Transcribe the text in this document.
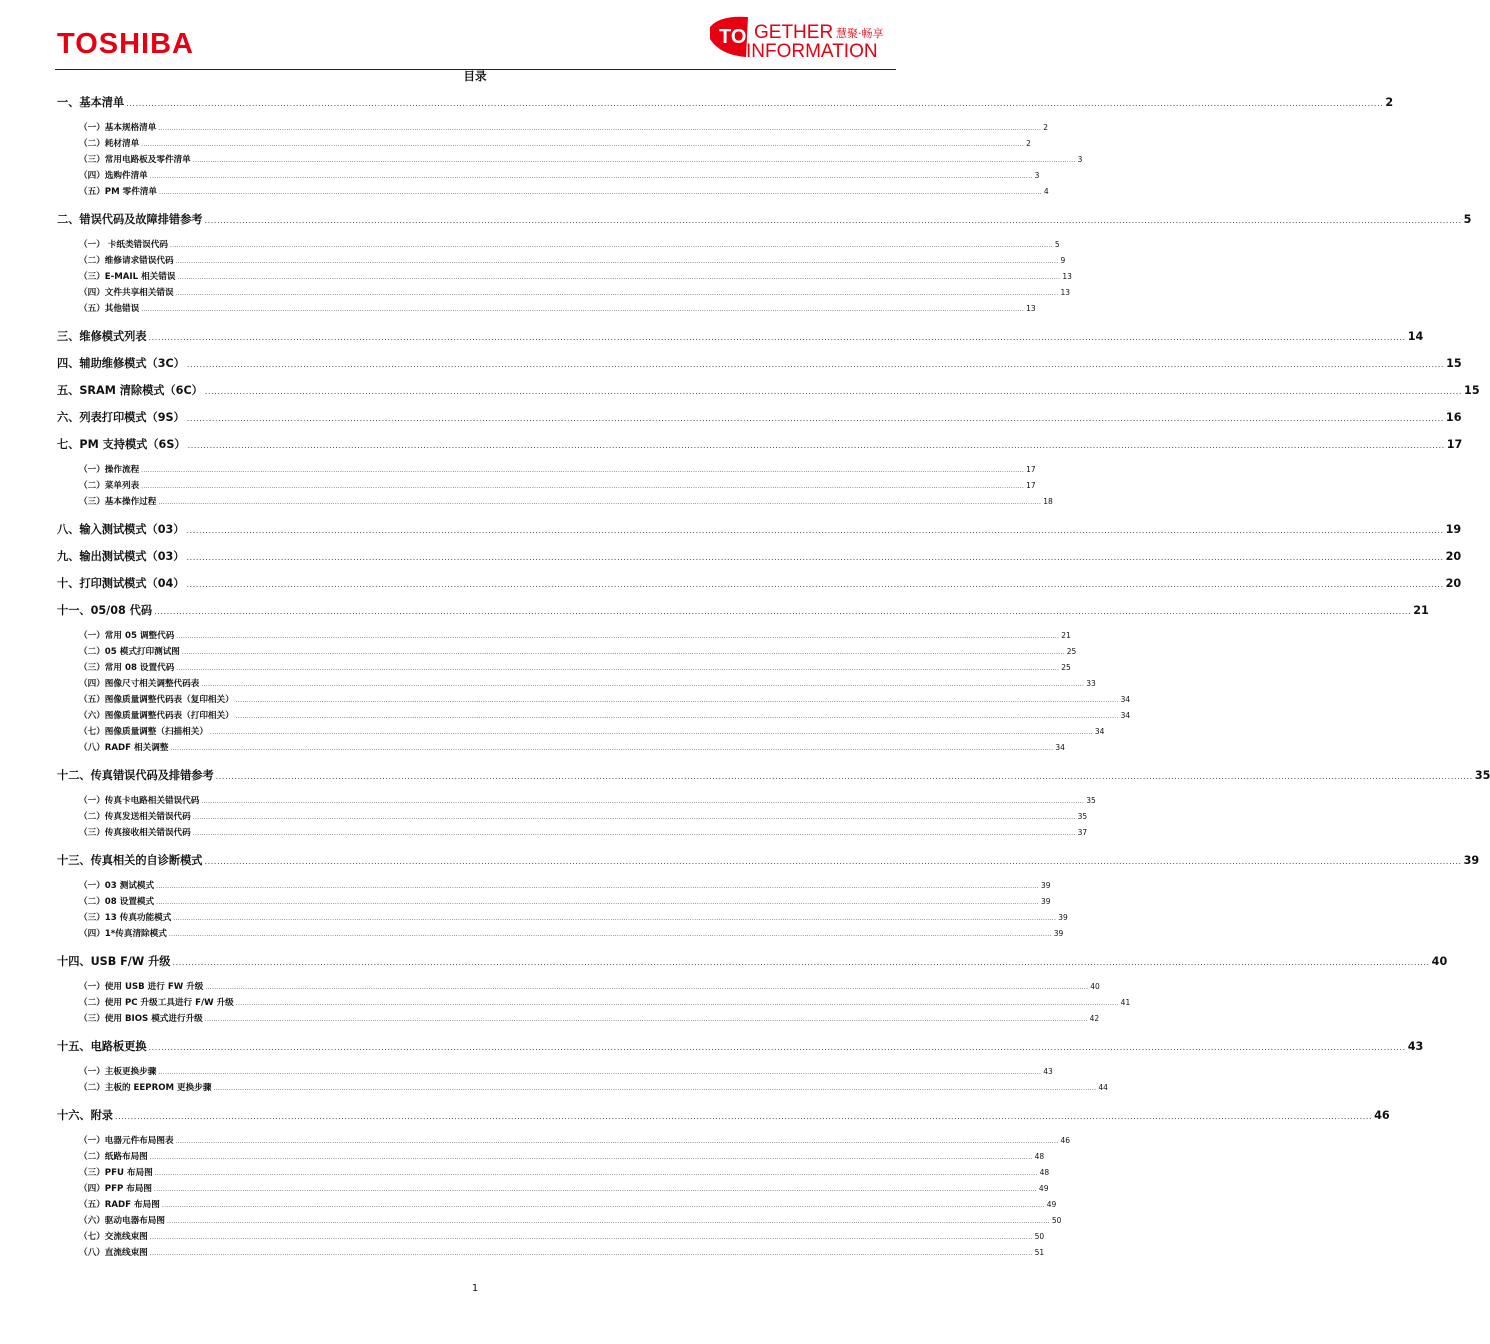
TOSHIBA	TO GETHER 慧聚·畅享
INFORMATION
目录
一、基本清单 ................................................................................................................................................................................................................................................................................................................................................................................................................ 2
（一）基本规格清单 ................................................................................................................................................................................................................................................................................................................................................................................................................ 2
（二）耗材清单 ................................................................................................................................................................................................................................................................................................................................................................................................................ 2
（三）常用电路板及零件清单 ................................................................................................................................................................................................................................................................................................................................................................................................................ 3
（四）选购件清单 ................................................................................................................................................................................................................................................................................................................................................................................................................ 3
（五）PM 零件清单 ................................................................................................................................................................................................................................................................................................................................................................................................................ 4
二、错误代码及故障排错参考 ................................................................................................................................................................................................................................................................................................................................................................................................................ 5
（一） 卡纸类错误代码 ................................................................................................................................................................................................................................................................................................................................................................................................................ 5
（二）维修请求错误代码 ................................................................................................................................................................................................................................................................................................................................................................................................................ 9
（三）E-MAIL 相关错误 ................................................................................................................................................................................................................................................................................................................................................................................................................ 13
（四）文件共享相关错误 ................................................................................................................................................................................................................................................................................................................................................................................................................ 13
（五）其他错误 ................................................................................................................................................................................................................................................................................................................................................................................................................ 13
三、维修模式列表 ................................................................................................................................................................................................................................................................................................................................................................................................................ 14
四、辅助维修模式（3C） ................................................................................................................................................................................................................................................................................................................................................................................................................ 15
五、SRAM 清除模式（6C） ................................................................................................................................................................................................................................................................................................................................................................................................................ 15
六、列表打印模式（9S） ................................................................................................................................................................................................................................................................................................................................................................................................................ 16
七、PM 支持模式（6S） ................................................................................................................................................................................................................................................................................................................................................................................................................ 17
（一）操作流程 ................................................................................................................................................................................................................................................................................................................................................................................................................ 17
（二）菜单列表 ................................................................................................................................................................................................................................................................................................................................................................................................................ 17
（三）基本操作过程 ................................................................................................................................................................................................................................................................................................................................................................................................................ 18
八、输入测试模式（03） ................................................................................................................................................................................................................................................................................................................................................................................................................ 19
九、输出测试模式（03） ................................................................................................................................................................................................................................................................................................................................................................................................................ 20
十、打印测试模式（04） ................................................................................................................................................................................................................................................................................................................................................................................................................ 20
十一、05/08 代码 ................................................................................................................................................................................................................................................................................................................................................................................................................ 21
（一）常用 05 调整代码 ................................................................................................................................................................................................................................................................................................................................................................................................................ 21
（二）05 模式打印测试图 ................................................................................................................................................................................................................................................................................................................................................................................................................ 25
（三）常用 08 设置代码 ................................................................................................................................................................................................................................................................................................................................................................................................................ 25
（四）图像尺寸相关调整代码表 ................................................................................................................................................................................................................................................................................................................................................................................................................ 33
（五）图像质量调整代码表（复印相关） ................................................................................................................................................................................................................................................................................................................................................................................................................ 34
（六）图像质量调整代码表（打印相关） ................................................................................................................................................................................................................................................................................................................................................................................................................ 34
（七）图像质量调整（扫描相关） ................................................................................................................................................................................................................................................................................................................................................................................................................ 34
（八）RADF 相关调整 ................................................................................................................................................................................................................................................................................................................................................................................................................ 34
十二、传真错误代码及排错参考 ................................................................................................................................................................................................................................................................................................................................................................................................................ 35
（一）传真卡电路相关错误代码 ................................................................................................................................................................................................................................................................................................................................................................................................................ 35
（二）传真发送相关错误代码 ................................................................................................................................................................................................................................................................................................................................................................................................................ 35
（三）传真接收相关错误代码 ................................................................................................................................................................................................................................................................................................................................................................................................................ 37
十三、传真相关的自诊断模式 ................................................................................................................................................................................................................................................................................................................................................................................................................ 39
（一）03 测试模式 ................................................................................................................................................................................................................................................................................................................................................................................................................ 39
（二）08 设置模式 ................................................................................................................................................................................................................................................................................................................................................................................................................ 39
（三）13 传真功能模式 ................................................................................................................................................................................................................................................................................................................................................................................................................ 39
（四）1*传真清除模式 ................................................................................................................................................................................................................................................................................................................................................................................................................ 39
十四、USB F/W 升级 ................................................................................................................................................................................................................................................................................................................................................................................................................ 40
（一）使用 USB 进行 FW 升级 ................................................................................................................................................................................................................................................................................................................................................................................................................ 40
（二）使用 PC 升级工具进行 F/W 升级 ................................................................................................................................................................................................................................................................................................................................................................................................................ 41
（三）使用 BIOS 模式进行升级 ................................................................................................................................................................................................................................................................................................................................................................................................................ 42
十五、电路板更换 ................................................................................................................................................................................................................................................................................................................................................................................................................ 43
（一）主板更换步骤 ................................................................................................................................................................................................................................................................................................................................................................................................................ 43
（二）主板的 EEPROM 更换步骤 ................................................................................................................................................................................................................................................................................................................................................................................................................ 44
十六、附录 ................................................................................................................................................................................................................................................................................................................................................................................................................ 46
（一）电器元件布局图表 ................................................................................................................................................................................................................................................................................................................................................................................................................ 46
（二）纸路布局图 ................................................................................................................................................................................................................................................................................................................................................................................................................ 48
（三）PFU 布局图 ................................................................................................................................................................................................................................................................................................................................................................................................................ 48
（四）PFP 布局图 ................................................................................................................................................................................................................................................................................................................................................................................................................ 49
（五）RADF 布局图 ................................................................................................................................................................................................................................................................................................................................................................................................................ 49
（六）驱动电器布局图 ................................................................................................................................................................................................................................................................................................................................................................................................................ 50
（七）交流线束图 ................................................................................................................................................................................................................................................................................................................................................................................................................ 50
（八）直流线束图 ................................................................................................................................................................................................................................................................................................................................................................................................................ 51
1
